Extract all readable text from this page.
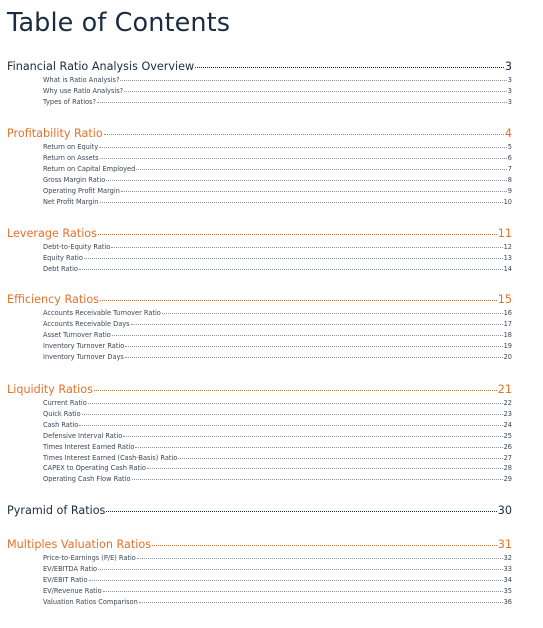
Table of Contents
Financial Ratio Analysis Overview	3
What is Ratio Analysis?	3
Why use Ratio Analysis?	3
Types of Ratios?	3
Profitability Ratio	4
Return on Equity	5
Return on Assets	6
Return on Capital Employed	7
Gross Margin Ratio	8
Operating Profit Margin	9
Net Profit Margin	10
Leverage Ratios	11
Debt-to-Equity Ratio	12
Equity Ratio	13
Debt Ratio	14
Efficiency Ratios	15
Accounts Receivable Turnover Ratio	16
Accounts Receivable Days	17
Asset Turnover Ratio	18
Inventory Turnover Ratio	19
Inventory Turnover Days	20
Liquidity Ratios	21
Current Ratio	22
Quick Ratio	23
Cash Ratio	24
Defensive Interval Ratio	25
Times Interest Earned Ratio	26
Times Interest Earned (Cash-Basis) Ratio	27
CAPEX to Operating Cash Ratio	28
Operating Cash Flow Ratio	29
Pyramid of Ratios	30
Multiples Valuation Ratios	31
Price-to-Earnings (P/E) Ratio	32
EV/EBITDA Ratio	33
EV/EBIT Ratio	34
EV/Revenue Ratio	35
Valuation Ratios Comparison	36
